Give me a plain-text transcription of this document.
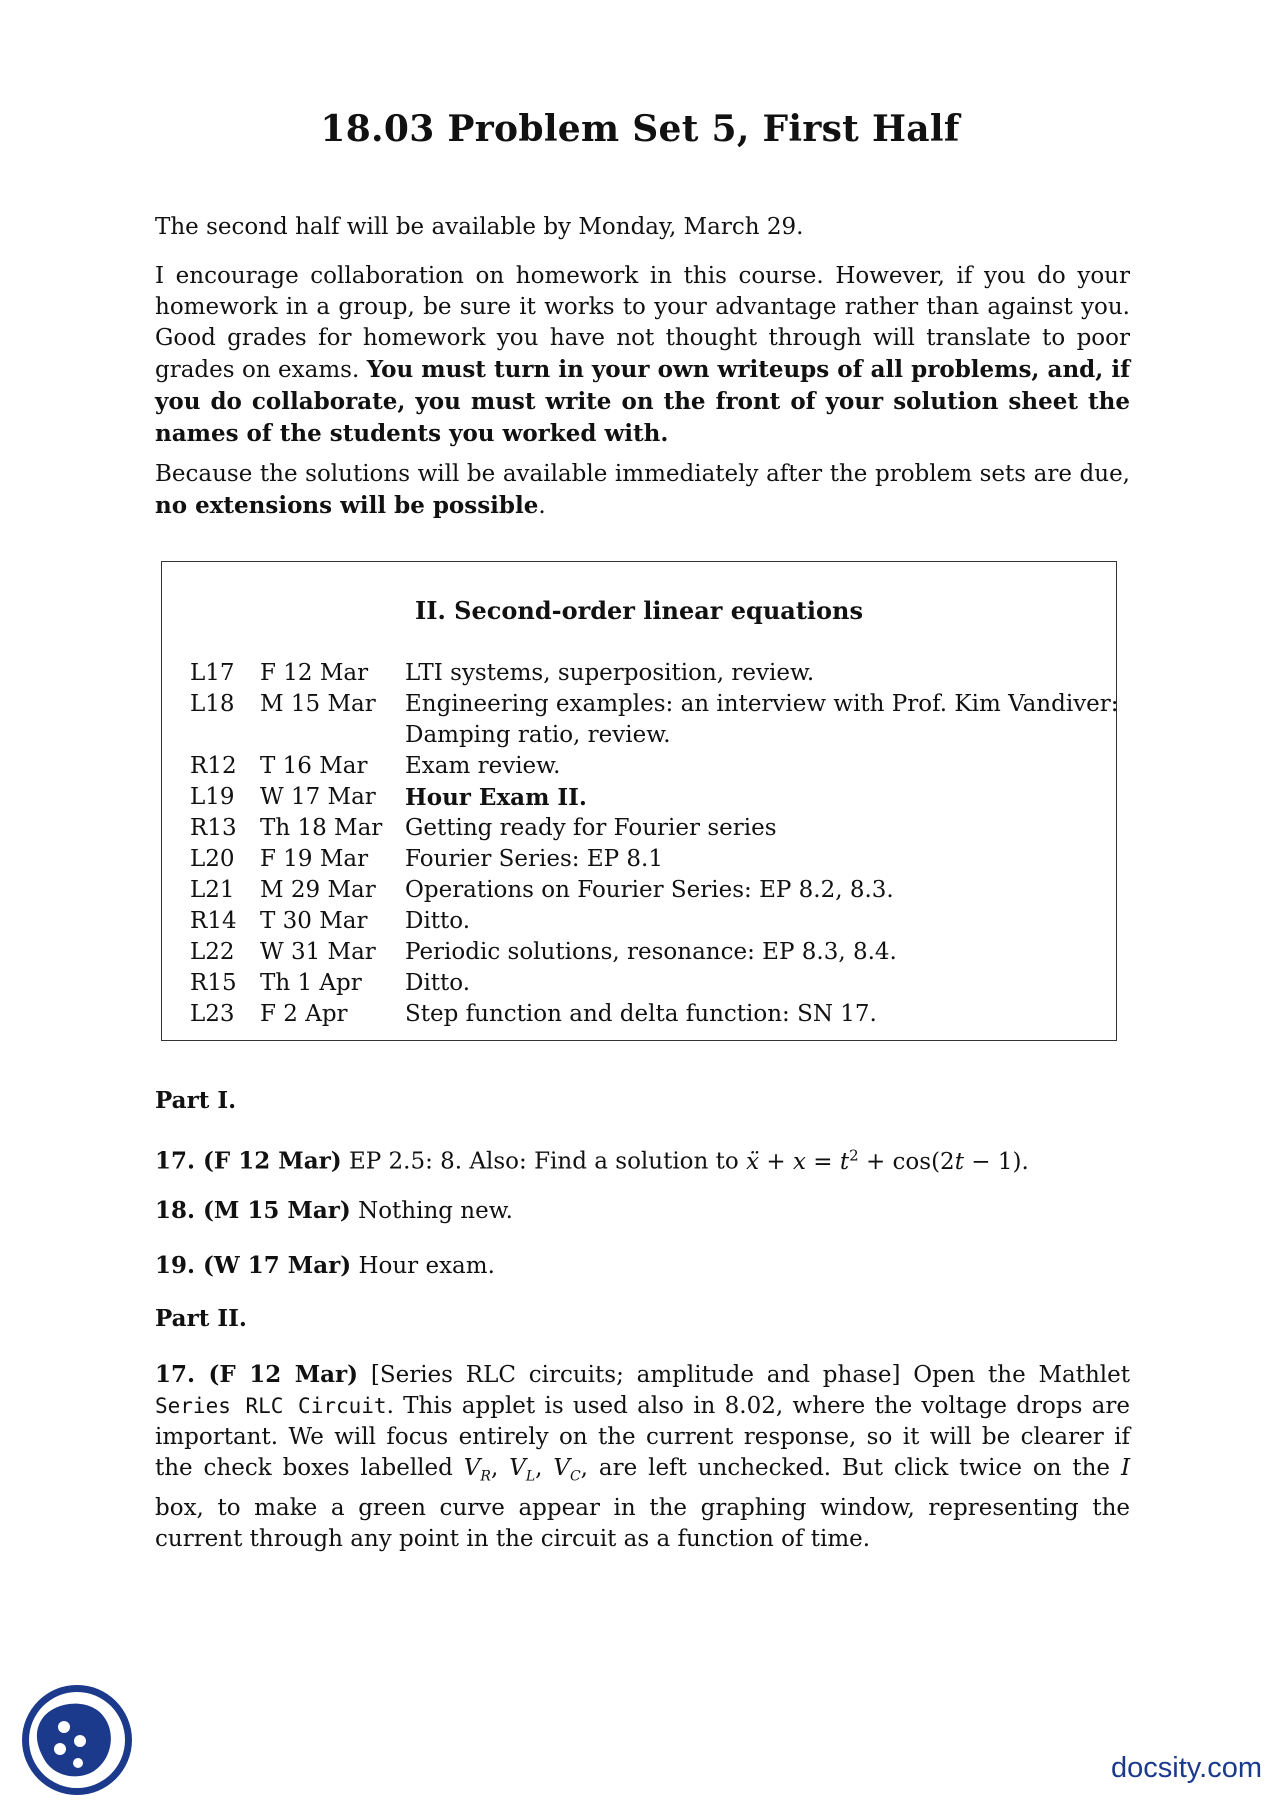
18.03 Problem Set 5, First Half
The second half will be available by Monday, March 29.
I encourage collaboration on homework in this course. However, if you do your homework in a group, be sure it works to your advantage rather than against you. Good grades for homework you have not thought through will translate to poor grades on exams. You must turn in your own writeups of all problems, and, if you do collaborate, you must write on the front of your solution sheet the names of the students you worked with.
Because the solutions will be available immediately after the problem sets are due, no extensions will be possible.
II. Second-order linear equations
L17 F 12 Mar LTI systems, superposition, review.
L18 M 15 Mar Engineering examples: an interview with Prof. Kim Vandiver:
Damping ratio, review.
R12 T 16 Mar Exam review.
L19 W 17 Mar Hour Exam II.
R13 Th 18 Mar Getting ready for Fourier series
L20 F 19 Mar Fourier Series: EP 8.1
L21 M 29 Mar Operations on Fourier Series: EP 8.2, 8.3.
R14 T 30 Mar Ditto.
L22 W 31 Mar Periodic solutions, resonance: EP 8.3, 8.4.
R15 Th 1 Apr Ditto.
L23 F 2 Apr Step function and delta function: SN 17.
Part I.
17. (F 12 Mar) EP 2.5: 8. Also: Find a solution to ẍ + $x = t^2 + \cos(2t - 1)$.
18. (M 15 Mar) Nothing new.
19. (W 17 Mar) Hour exam.
Part II.
17. (F 12 Mar) [Series RLC circuits; amplitude and phase] Open the Mathlet Series RLC Circuit. This applet is used also in 8.02, where the voltage drops are important. We will focus entirely on the current response, so it will be clearer if the check boxes labelled $V_R$, $V_L$, $V_C$, are left unchecked. But click twice on the I box, to make a green curve appear in the graphing window, representing the current through any point in the circuit as a function of time.
docsity.com
